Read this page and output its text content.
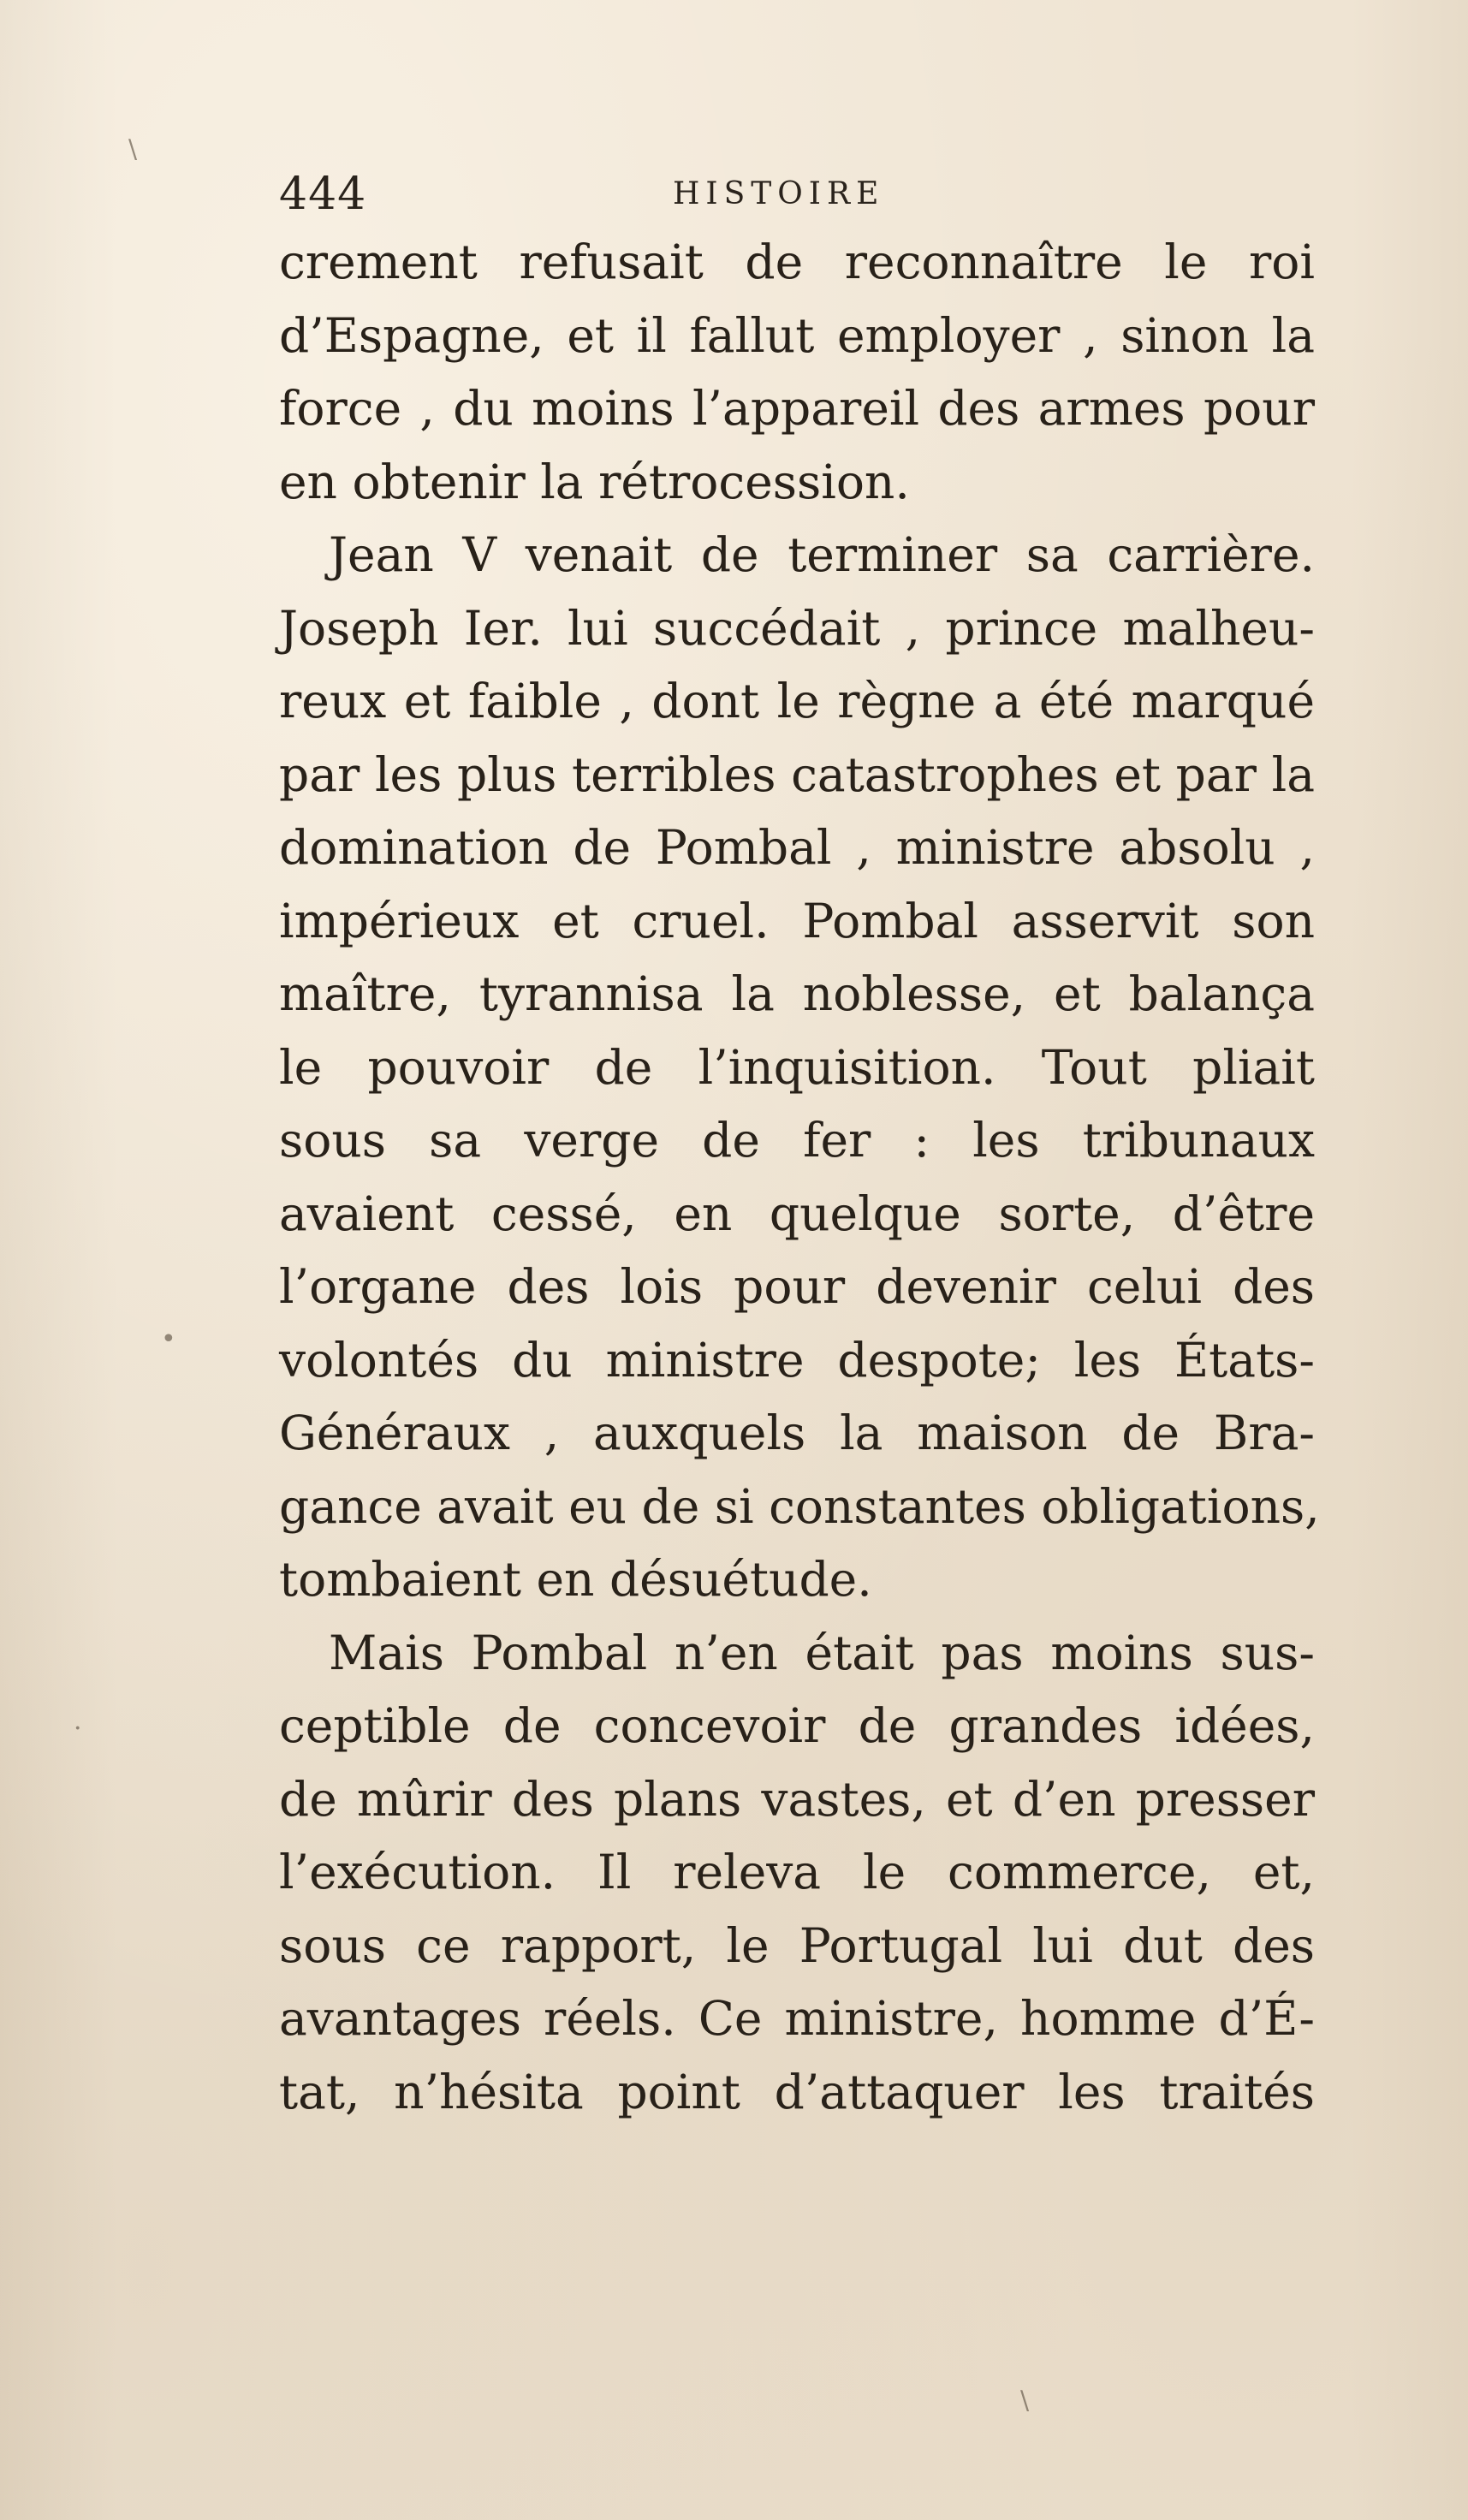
444	HISTOIRE
crement refusait de reconnaître le roi
d’Espagne, et il fallut employer , sinon la
force , du moins l’appareil des armes pour
en obtenir la rétrocession.
Jean V venait de terminer sa carrière.
Joseph Ier. lui succédait , prince malheu-
reux et faible , dont le règne a été marqué
par les plus terribles catastrophes et par la
domination de Pombal , ministre absolu ,
impérieux et cruel. Pombal asservit son
maître, tyrannisa la noblesse, et balança
le pouvoir de l’inquisition. Tout pliait
sous sa verge de fer : les tribunaux
avaient cessé, en quelque sorte, d’être
l’organe des lois pour devenir celui des
volontés du ministre despote; les États-
Généraux , auxquels la maison de Bra-
gance avait eu de si constantes obligations,
tombaient en désuétude.
Mais Pombal n’en était pas moins sus-
ceptible de concevoir de grandes idées,
de mûrir des plans vastes, et d’en presser
l’exécution. Il releva le commerce, et,
sous ce rapport, le Portugal lui dut des
avantages réels. Ce ministre, homme d’É-
tat, n’hésita point d’attaquer les traités
\
\
•
·
